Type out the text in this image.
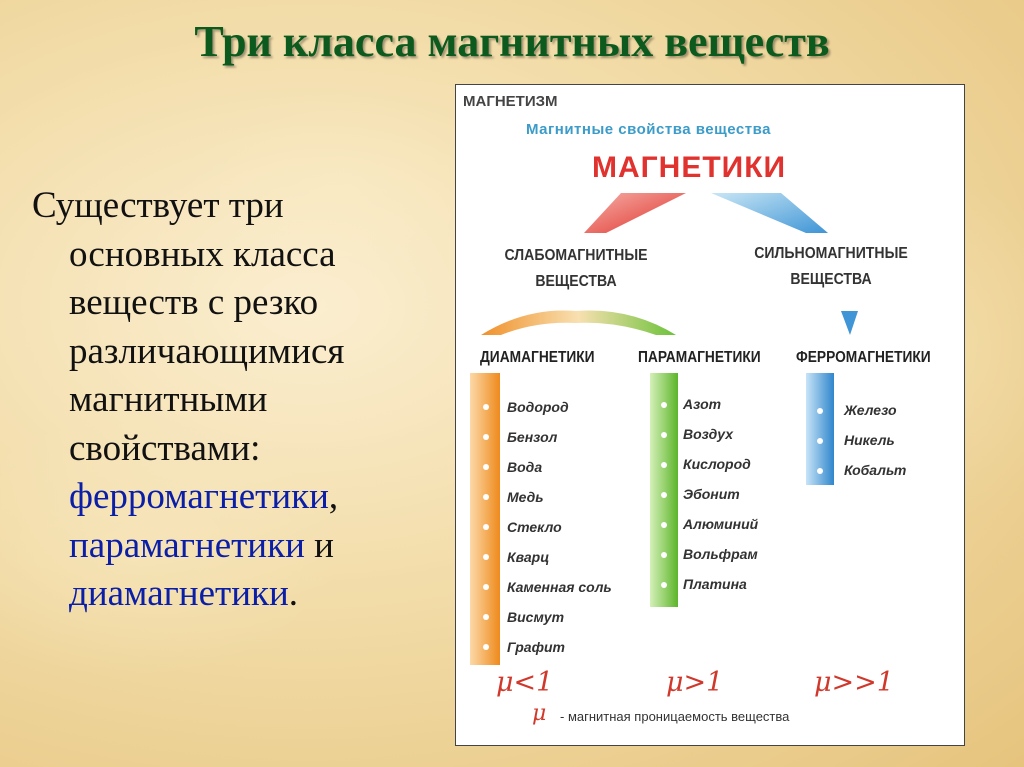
Три класса магнитных веществ
Существует три
основных класса
веществ с резко
различающимися
магнитными
свойствами:
ферромагнетики,
парамагнетики и
диамагнетики.
МАГНЕТИЗМ
Магнитные свойства вещества
МАГНЕТИКИ
СЛАБОМАГНИТНЫЕ
ВЕЩЕСТВА
СИЛЬНОМАГНИТНЫЕ
ВЕЩЕСТВА
ДИАМАГНЕТИКИ	ПАРАМАГНЕТИКИ ФЕРРОМАГНЕТИКИ
Водород
Бензол
Вода
Медь
Стекло
Кварц
Каменная соль
Висмут
Графит
Азот
Воздух
Кислород
Эбонит
Алюминий
Вольфрам
Платина
Железо
Никель
Кобальт
μ<1	μ>1	μ>>1
μ - магнитная проницаемость вещества
